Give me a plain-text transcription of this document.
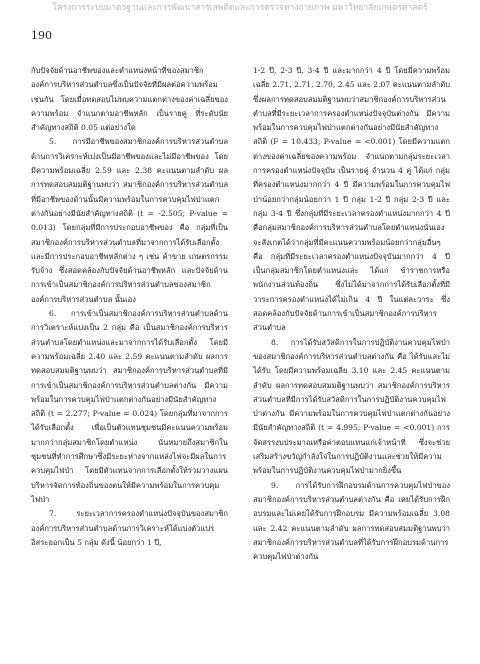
โครงการระบบมาตรฐานและการพัฒนาสารเสพติดและการตรวจทางกายภาพ มหาวิทยาลัยเกษตรศาสตร์
190

กับปัจจัยด้านอาชีพของและตำแหน่งหน้าที่ของสมาชิกองค์การบริหารส่วนตำบลซึ่งเป็นปัจจัยที่มีผลต่อความพร้อมเช่นกัน โดยเมื่อทดสอบไม่พบความแตกต่างของค่าเฉลี่ยของความพร้อม จำแนกตามอาชีพหลัก เป็นรายคู่ ที่ระดับนัยสำคัญทางสถิติ 0.05 แต่อย่างใด

5. การมีอาชีพของสมาชิกองค์การบริหารส่วนตำบลด้านการวิเคราะห์เบ่งเป็นมีอาชีพของและไม่มีอาชีพของ โดยมีความพร้อมเฉลี่ย 2.59 และ 2.38 คะแนนตามลำดับ ผลการทดสอบสมมติฐานพบว่า สมาชิกองค์การบริหารส่วนตำบลที่มีอาชีพของด้านนั้นมีความพร้อมในการควบคุมไฟป่าแตกต่างกันอย่างมีนัยสำคัญทางสถิติ (t = -2.505; P-value = 0.013) โดยกลุ่มที่มีการประกอบอาชีพของ คือ กลุ่มที่เป็นสมาชิกองค์การบริหารส่วนตำบลที่มาจากการได้รับเลือกตั้งและมีการประกอบอาชีพหลักต่าง ๆ เช่น ค้าขาย เกษตรกรรม รับจ้าง ซึ่งสอดคล้องกับปัจจัยด้านอาชีพหลัก และปัจจัยด้านการเข้าเป็นสมาชิกองค์การบริหารส่วนตำบลของสมาชิกองค์การบริหารส่วนตำบล นั้นเอง

6. การเข้าเป็นสมาชิกองค์การบริหารส่วนตำบลด้านการวิเคราะห์แบ่งเป็น 2 กลุ่ม คือ เป็นสมาชิกองค์การบริหารส่วนตำบลโดยตำแหน่งและมาจากการได้รับเลือกตั้ง โดยมีความพร้อมเฉลี่ย 2.40 และ 2.59 คะแนนตามลำดับ ผลการทดสอบสมมติฐานพบว่า สมาชิกองค์การบริหารส่วนตำบลที่มีการเข้าเป็นสมาชิกองค์การบริหารส่วนตำบลต่างกัน มีความพร้อมในการควบคุมไฟป่าแตกต่างกันอย่างมีนัยสำคัญทางสถิติ (t = 2.277; P-value = 0.024) โดยกลุ่มที่มาจากการได้รับเลือกตั้ง เพื่อเป็นตัวแทนชุมชนมีคะแนนความพร้อมมากกว่ากลุ่มสมาชิกโดยตำแหน่ง นั่นหมายถึงสมาชิกในชุมชนที่ทำการศึกษาซึ่งมีระยะห่างจากแหล่งไฟจะมีผลในการควบคุมไฟป่า โดยมีตัวแทนจากการเลือกตั้งให้ร่วมวางแผนบริหารจัดการท้องถิ่นของตนให้มีความพร้อมในการควบคุมไฟป่า

7. ระยะเวลาการครองตำแหน่งปัจจุบันของสมาชิกองค์การบริหารส่วนตำบลด้านการวิเคราะห์ได้แบ่งตัวแปรอิสระออกเป็น 5 กลุ่ม ดังนี้ น้อยกว่า 1 ปี,

1-2 ปี, 2-3 ปี, 3-4 ปี และมากกว่า 4 ปี โดยมีความพร้อมเฉลี่ย 2.71, 2.71, 2.70, 2.45 และ 2.07 คะแนนตามลำดับ ซึ่งผลการทดสอบสมมติฐานพบว่าสมาชิกองค์การบริหารส่วนตำบลที่มีระยะเวลาการครองตำแหน่งปัจจุบันต่างกัน มีความพร้อมในการควบคุมไฟป่าแตกต่างกันอย่างมีนัยสำคัญทางสถิติ (F = 10.433; P-value = <0.001) โดยมีความแตกต่างของค่าเฉลี่ยของความพร้อม จำแนกตามกลุ่มระยะเวลาการครองตำแหน่งปัจจุบัน เป็นรายคู่ จำนวน 4 คู่ ได้แก่ กลุ่มที่ครองตำแหน่งมากกว่า 4 ปี มีความพร้อมในการควบคุมไฟป่าน้อยกว่ากลุ่มน้อยกว่า 1 ปี กลุ่ม 1-2 ปี กลุ่ม 2-3 ปี และกลุ่ม 3-4 ปี ซึ่งกลุ่มที่มีระยะเวลาครองตำแหน่งมากกว่า 4 ปี คือกลุ่มสมาชิกองค์การบริหารส่วนตำบลโดยตำแหน่งนั่นเอง จะสังเกตได้ว่ากลุ่มที่มีคะแนนความพร้อมน้อยกว่ากลุ่มอื่นๆ คือ กลุ่มที่มีระยะเวลาครองตำแหน่งปัจจุบันมากกว่า 4 ปี เป็นกลุ่มสมาชิกโดยตำแหน่งและ ได้แก่ ข้าราชการหรือพนักงานส่วนท้องถิ่น ซึ่งไม่ได้มาจากการได้รับเลือกตั้งที่มีวาระการครองตำแหน่งได้ไม่เกิน 4 ปี ในแต่ละวาระ ซึ่งสอดคล้องกับปัจจัยด้านการเข้าเป็นสมาชิกองค์การบริหารส่วนตำบล

8. การได้รับสวัสดิการในการปฏิบัติงานควบคุมไฟป่าของสมาชิกองค์การบริหารส่วนตำบลต่างกัน คือ ได้รับและไม่ได้รับ โดยมีความพร้อมเฉลี่ย 3.10 และ 2.45 คะแนนตามลำดับ ผลการทดสอบสมมติฐานพบว่า สมาชิกองค์การบริหารส่วนตำบลที่มีการได้รับสวัสดิการในการปฏิบัติงานควบคุมไฟป่าต่างกัน มีความพร้อมในการควบคุมไฟป่าแตกต่างกันอย่างมีนัยสำคัญทางสถิติ (t = 4.995; P-value = <0.001) การจัดสรรงบประมาณหรือค่าตอบแทนแก่เจ้าหน้าที่ ซึ่งจะช่วยเสริมสร้างขวัญกำลังใจในการปฏิบัติงานและช่วยให้มีความพร้อมในการปฏิบัติงานควบคุมไฟป่ามากยิ่งขึ้น

9. การได้รับการฝึกอบรมด้านการควบคุมไฟป่าของสมาชิกองค์การบริหารส่วนตำบลต่างกัน คือ เคยได้รับการฝึกอบรมและไม่เคยได้รับการฝึกอบรม มีความพร้อมเฉลี่ย 3.08 และ 2.42 คะแนนตามลำดับ ผลการทดสอบสมมติฐานพบว่าสมาชิกองค์การบริหารส่วนตำบลที่ได้รับการฝึกอบรมด้านการควบคุมไฟป่าต่างกัน
